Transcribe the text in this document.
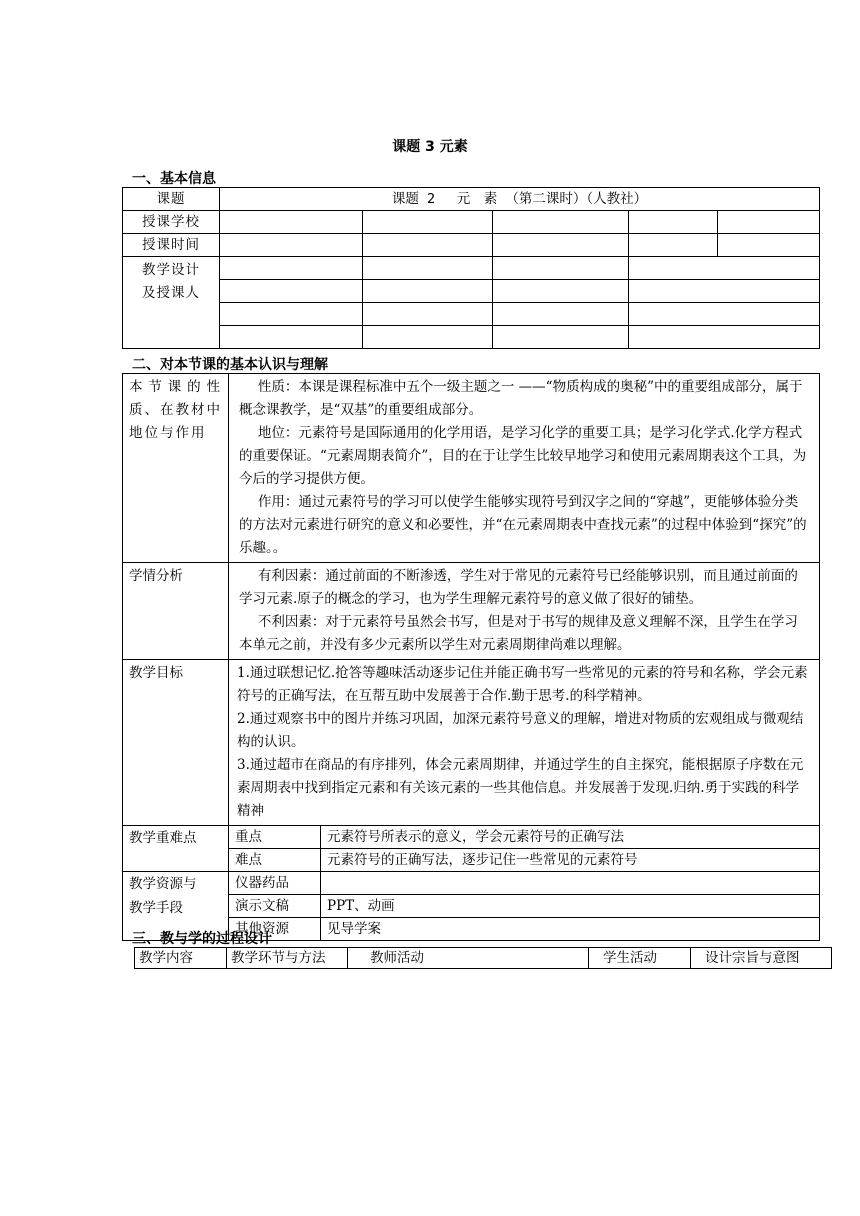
课题 3 元素
一、基本信息
课题	课题 2　 元　素 （第二课时）（人教社）				
授课学校					
授课时间					

教学设计
及授课人					

二、对本节课的基本认识与理解
本节课的性质、在教材中地位与作用	性质：本课是课程标准中五个一级主题之一 ——“物质构成的奥秘”中的重要组成部分，属于概念课教学，是“双基”的重要组成部分。

地位：元素符号是国际通用的化学用语，是学习化学的重要工具；是学习化学式.化学方程式的重要保证。“元素周期表简介”，目的在于让学生比较早地学习和使用元素周期表这个工具，为今后的学习提供方便。

作用：通过元素符号的学习可以使学生能够实现符号到汉字之间的“穿越”，更能够体验分类的方法对元素进行研究的意义和必要性，并“在元素周期表中查找元素”的过程中体验到“探究”的乐趣。。	

学情分析	有利因素：通过前面的不断渗透，学生对于常见的元素符号已经能够识别，而且通过前面的学习元素.原子的概念的学习，也为学生理解元素符号的意义做了很好的铺垫。

不利因素：对于元素符号虽然会书写，但是对于书写的规律及意义理解不深，且学生在学习本单元之前，并没有多少元素所以学生对元素周期律尚难以理解。	

教学目标	1.通过联想记忆.抢答等趣味活动逐步记住并能正确书写一些常见的元素的符号和名称，学会元素符号的正确写法，在互帮互助中发展善于合作.勤于思考.的科学精神。

2.通过观察书中的图片并练习巩固，加深元素符号意义的理解，增进对物质的宏观组成与微观结构的认识。

3.通过超市在商品的有序排列，体会元素周期律，并通过学生的自主探究，能根据原子序数在元素周期表中找到指定元素和有关该元素的一些其他信息。并发展善于发现.归纳.勇于实践的科学精神	

教学重难点	重点	元素符号所表示的意义，学会元素符号的正确写法
	难点	元素符号的正确写法，逐步记住一些常见的元素符号

教学资源与
教学手段	仪器药品	
	演示文稿	PPT、动画
	其他资源	见导学案
三、教与学的过程设计
教学内容	教学环节与方法	教师活动	学生活动	设计宗旨与意图
